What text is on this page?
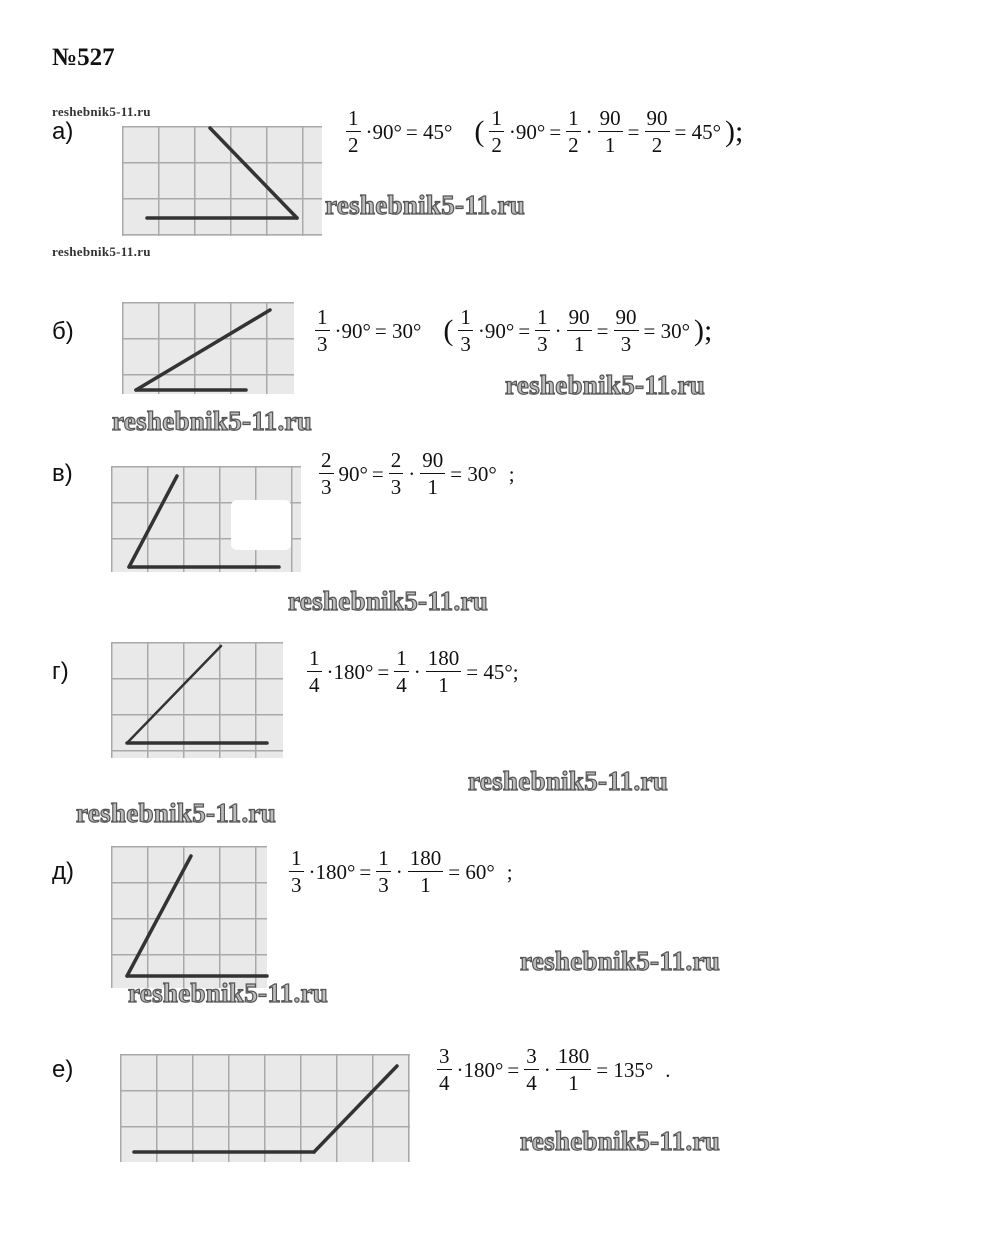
№527
reshebnik5-11.ru
а)	$\frac{1}{2} \cdot 90^\circ = 45^\circ$ ( $\frac{1}{2} \cdot 90^\circ = \frac{1}{2} \cdot \frac{90}{1} = \frac{90}{2} = 45^\circ$ );
reshebnik5-11.ru
reshebnik5-11.ru
б)	$\frac{1}{3} \cdot 90^\circ = 30^\circ$ ( $\frac{1}{3} \cdot 90^\circ = \frac{1}{3} \cdot \frac{90}{1} = \frac{90}{3} = 30^\circ$ );
reshebnik5-11.ru
reshebnik5-11.ru
в)	$\frac{2}{3} 90^\circ = \frac{2}{3} \cdot \frac{90}{1} = 30^\circ$ ;
reshebnik5-11.ru
г)	$\frac{1}{4} \cdot 180^\circ = \frac{1}{4} \cdot \frac{180}{1} = 45^\circ$;
reshebnik5-11.ru
reshebnik5-11.ru
д)	$\frac{1}{3} \cdot 180^\circ = \frac{1}{3} \cdot \frac{180}{1} = 60^\circ$ ;
reshebnik5-11.ru
reshebnik5-11.ru
е)	$\frac{3}{4} \cdot 180^\circ = \frac{3}{4} \cdot \frac{180}{1} = 135^\circ$ .
reshebnik5-11.ru
